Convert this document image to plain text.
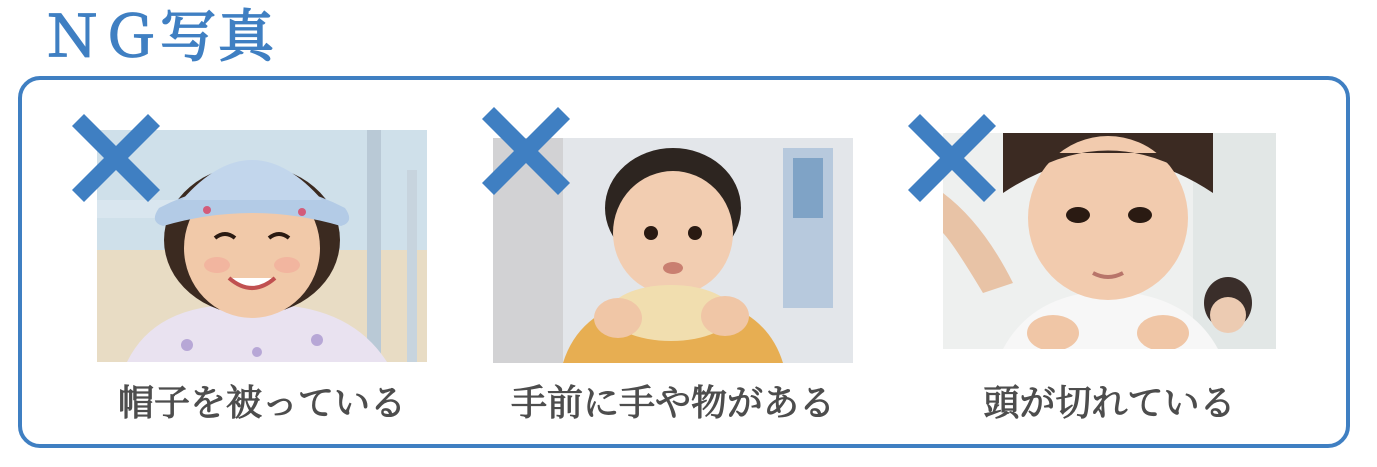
ＮＧ写真
帽子を被っている	手前に手や物がある	頭が切れている
